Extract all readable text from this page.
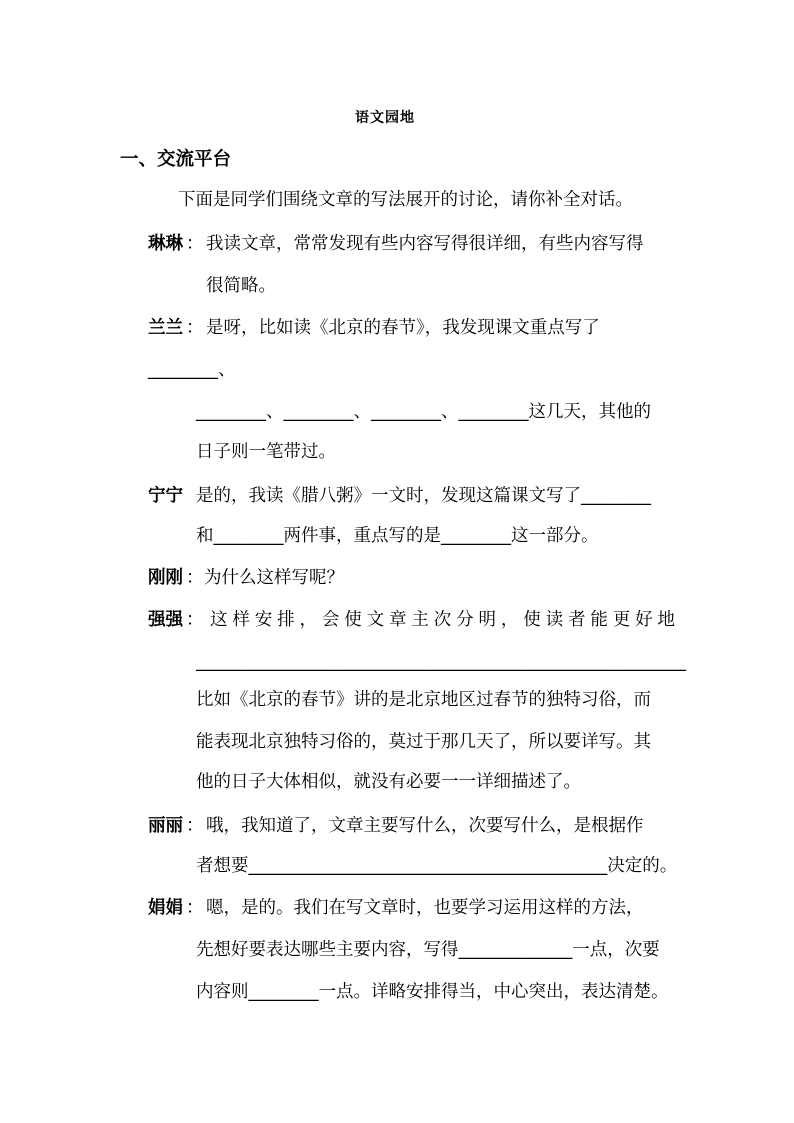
语文园地
一、交流平台
下面是同学们围绕文章的写法展开的讨论，请你补全对话。
琳琳 ： 我读文章，常常发现有些内容写得很详细，有些内容写得
很简略。
兰兰 ： 是呀，比如读《北京的春节》，我发现课文重点写了
________、
________、________、________、________这几天，其他的
日子则一笔带过。
宁宁 是的，我读《腊八粥》一文时，发现这篇课文写了________
和________两件事，重点写的是________这一部分。
刚刚 ： 为什么这样写呢？
强强 ： 这样安排，会使文章主次分明，使读者能更好地
________________________________________________________
比如《北京的春节》讲的是北京地区过春节的独特习俗，而
能表现北京独特习俗的，莫过于那几天了，所以要详写。其
他的日子大体相似，就没有必要一一详细描述了。
丽丽 ： 哦，我知道了，文章主要写什么，次要写什么，是根据作
者想要_________________________________________决定的。
娟娟 ： 嗯，是的。我们在写文章时，也要学习运用这样的方法，
先想好要表达哪些主要内容，写得_____________一点，次要
内容则________一点。详略安排得当，中心突出，表达清楚。
